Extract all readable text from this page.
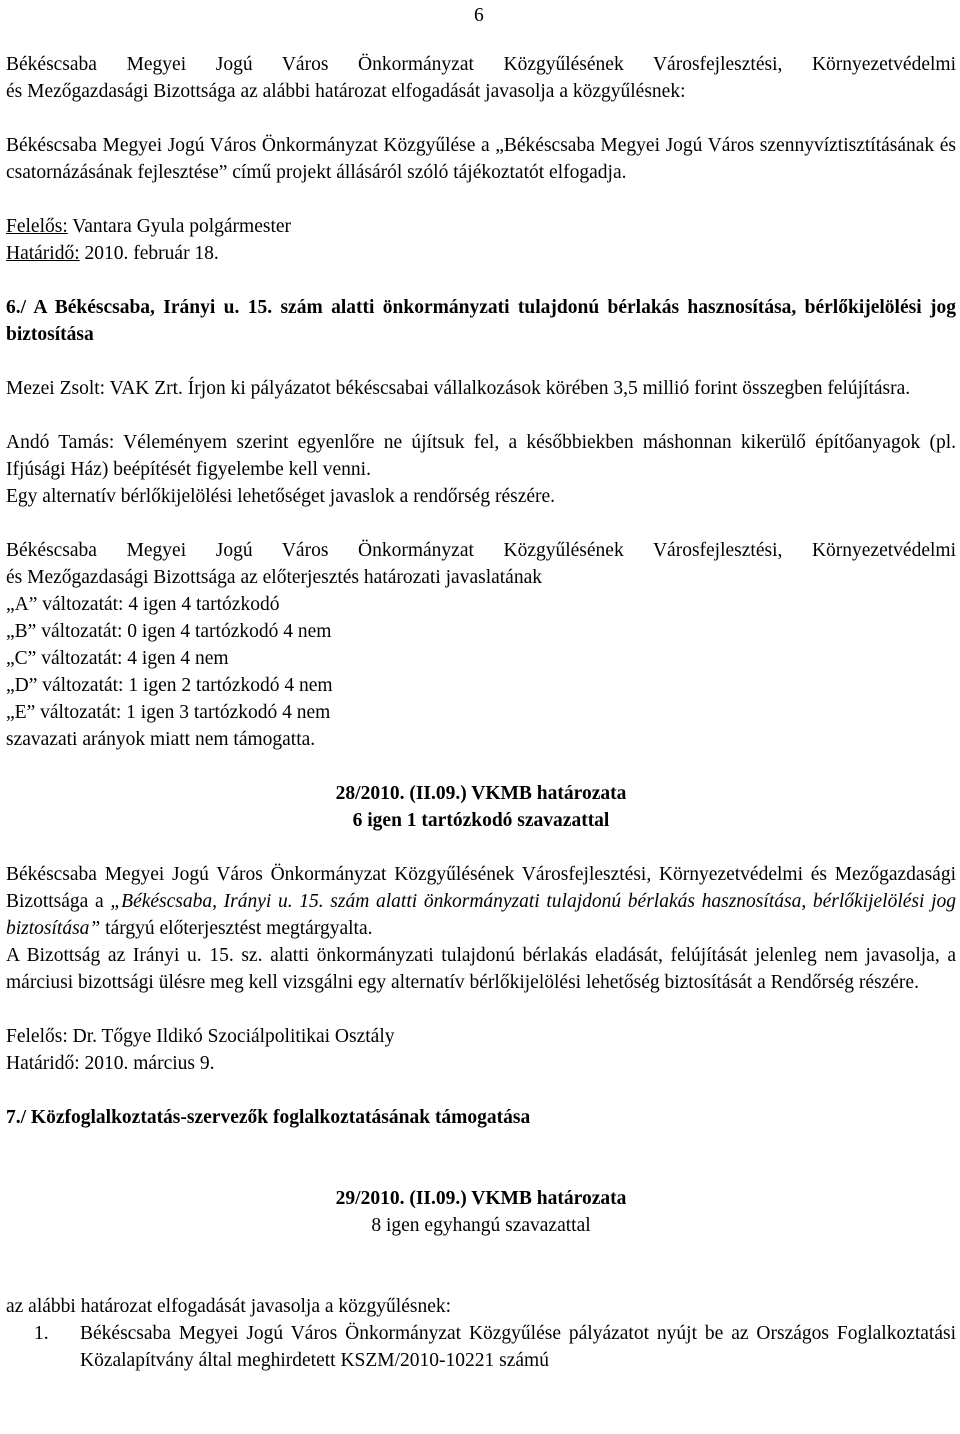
6

Békéscsaba Megyei Jogú Város Önkormányzat Közgyűlésének Városfejlesztési, Környezetvédelmi

és Mezőgazdasági Bizottsága az alábbi határozat elfogadását javasolja a közgyűlésnek:

Békéscsaba Megyei Jogú Város Önkormányzat Közgyűlése a „Békéscsaba Megyei Jogú Város szennyvíztisztításának és csatornázásának fejlesztése” című projekt állásáról szóló tájékoztatót elfogadja.

Felelős: Vantara Gyula polgármester

Határidő: 2010. február 18.

6./ A Békéscsaba, Irányi u. 15. szám alatti önkormányzati tulajdonú bérlakás hasznosítása, bérlőkijelölési jog biztosítása

Mezei Zsolt: VAK Zrt. Írjon ki pályázatot békéscsabai vállalkozások körében 3,5 millió forint összegben felújításra.

Andó Tamás: Véleményem szerint egyenlőre ne újítsuk fel, a későbbiekben máshonnan kikerülő építőanyagok (pl. Ifjúsági Ház) beépítését figyelembe kell venni.

Egy alternatív bérlőkijelölési lehetőséget javaslok a rendőrség részére.

Békéscsaba Megyei Jogú Város Önkormányzat Közgyűlésének Városfejlesztési, Környezetvédelmi

és Mezőgazdasági Bizottsága az előterjesztés határozati javaslatának

„A” változatát: 4 igen 4 tartózkodó

„B” változatát: 0 igen 4 tartózkodó 4 nem

„C” változatát: 4 igen 4 nem

„D” változatát: 1 igen 2 tartózkodó 4 nem

„E” változatát: 1 igen 3 tartózkodó 4 nem

szavazati arányok miatt nem támogatta.

28/2010. (II.09.) VKMB határozata

6 igen 1 tartózkodó szavazattal

Békéscsaba Megyei Jogú Város Önkormányzat Közgyűlésének Városfejlesztési, Környezetvédelmi és Mezőgazdasági Bizottsága a „Békéscsaba, Irányi u. 15. szám alatti önkormányzati tulajdonú bérlakás hasznosítása, bérlőkijelölési jog biztosítása” tárgyú előterjesztést megtárgyalta.

A Bizottság az Irányi u. 15. sz. alatti önkormányzati tulajdonú bérlakás eladását, felújítását jelenleg nem javasolja, a márciusi bizottsági ülésre meg kell vizsgálni egy alternatív bérlőkijelölési lehetőség biztosítását a Rendőrség részére.

Felelős: Dr. Tőgye Ildikó Szociálpolitikai Osztály

Határidő: 2010. március 9.

7./ Közfoglalkoztatás-szervezők foglalkoztatásának támogatása

29/2010. (II.09.) VKMB határozata

8 igen egyhangú szavazattal

az alábbi határozat elfogadását javasolja a közgyűlésnek:

1.	Békéscsaba Megyei Jogú Város Önkormányzat Közgyűlése pályázatot nyújt be az Országos Foglalkoztatási Közalapítvány által meghirdetett KSZM/2010-10221 számú
